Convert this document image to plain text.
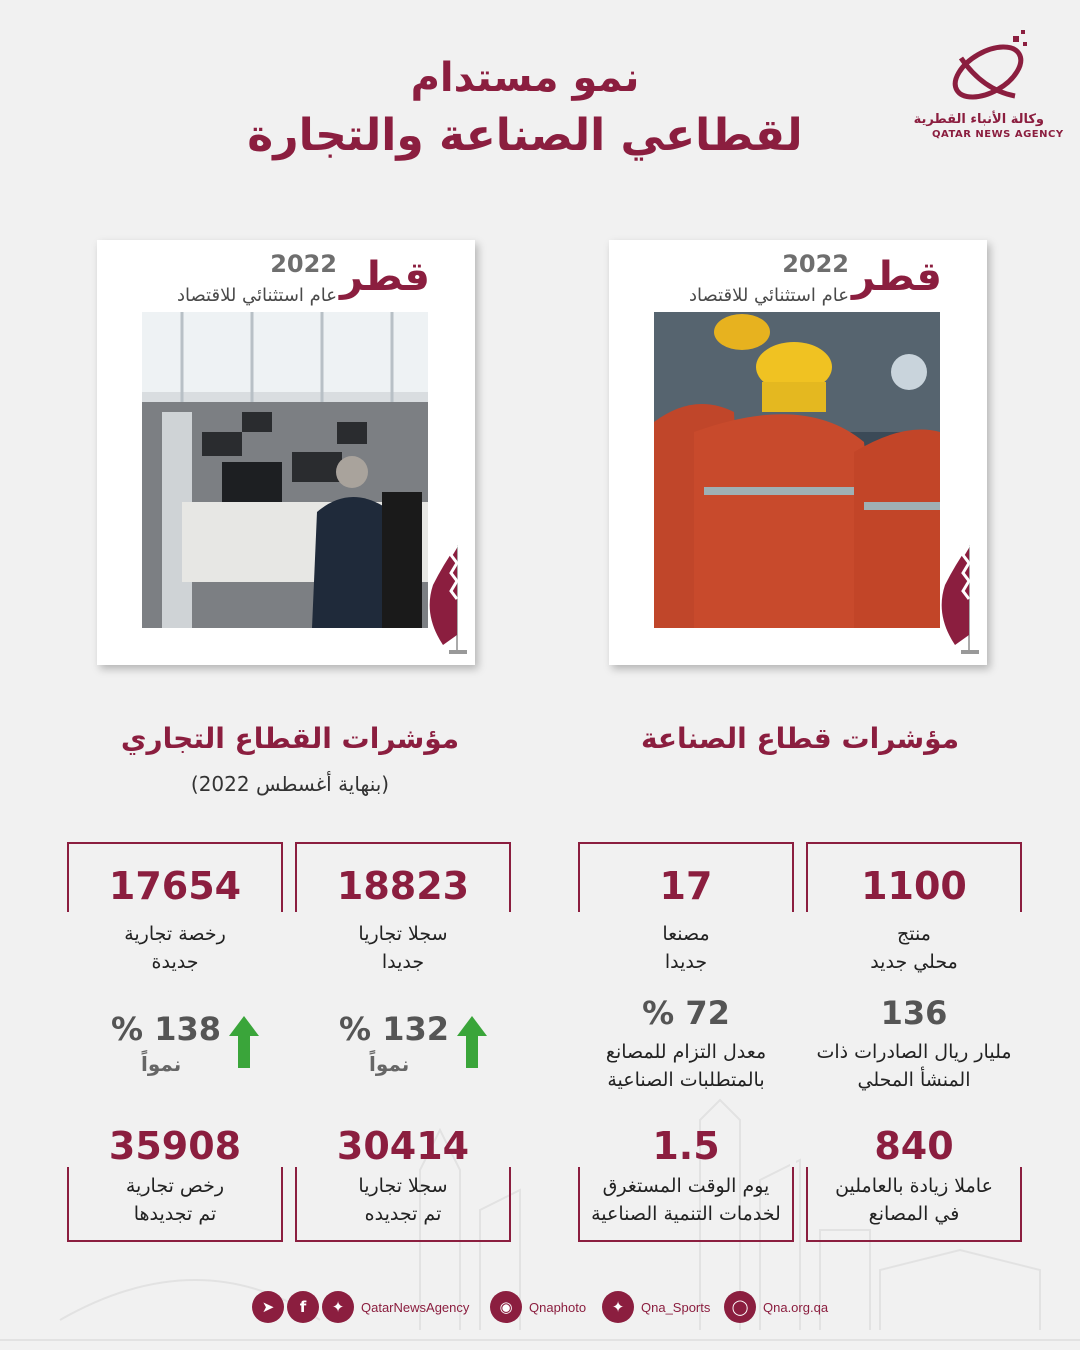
نمو مستدام
لقطاعي الصناعة والتجارة	وكالة الأنباء القطرية
QATAR NEWS AGENCY
قطر
2022
عام استثنائي للاقتصاد	قطر
2022
عام استثنائي للاقتصاد
مؤشرات القطاع التجاري
(بنهاية أغسطس 2022)
مؤشرات قطاع الصناعة
17654
رخصة تجارية
جديدة
% 138
نمواً
35908
رخص تجارية
تم تجديدها
18823
سجلا تجاريا
جديدا
% 132
نمواً
30414
سجلا تجاريا
تم تجديده
17
مصنعا
جديدا
% 72
معدل التزام للمصانع
بالمتطلبات الصناعية
1.5
يوم الوقت المستغرق
لخدمات التنمية الصناعية
1100
منتج
محلي جديد
136
مليار ريال الصادرات ذات
المنشأ المحلي
840
عاملا زيادة بالعاملين
في المصانع
➤	f	✦	QatarNewsAgency	◉	Qnaphoto	✦	Qna_Sports	◯	Qna.org.qa
